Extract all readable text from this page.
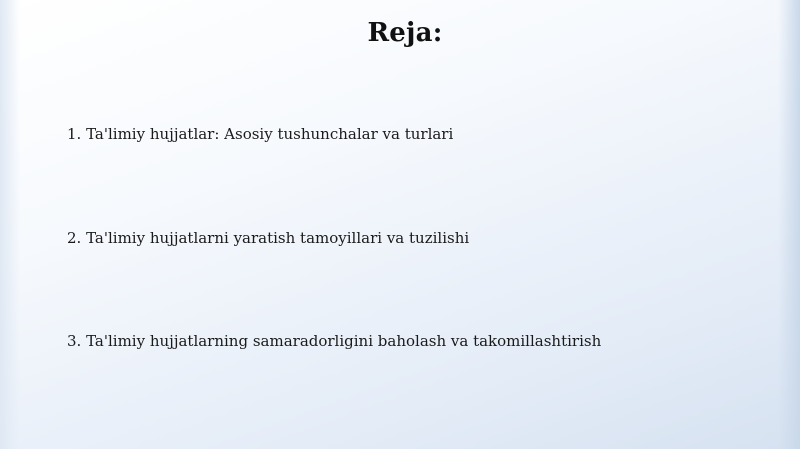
Reja:

1. Ta'limiy hujjatlar: Asosiy tushunchalar va turlari

2. Ta'limiy hujjatlarni yaratish tamoyillari va tuzilishi

3. Ta'limiy hujjatlarning samaradorligini baholash va takomillashtirish
